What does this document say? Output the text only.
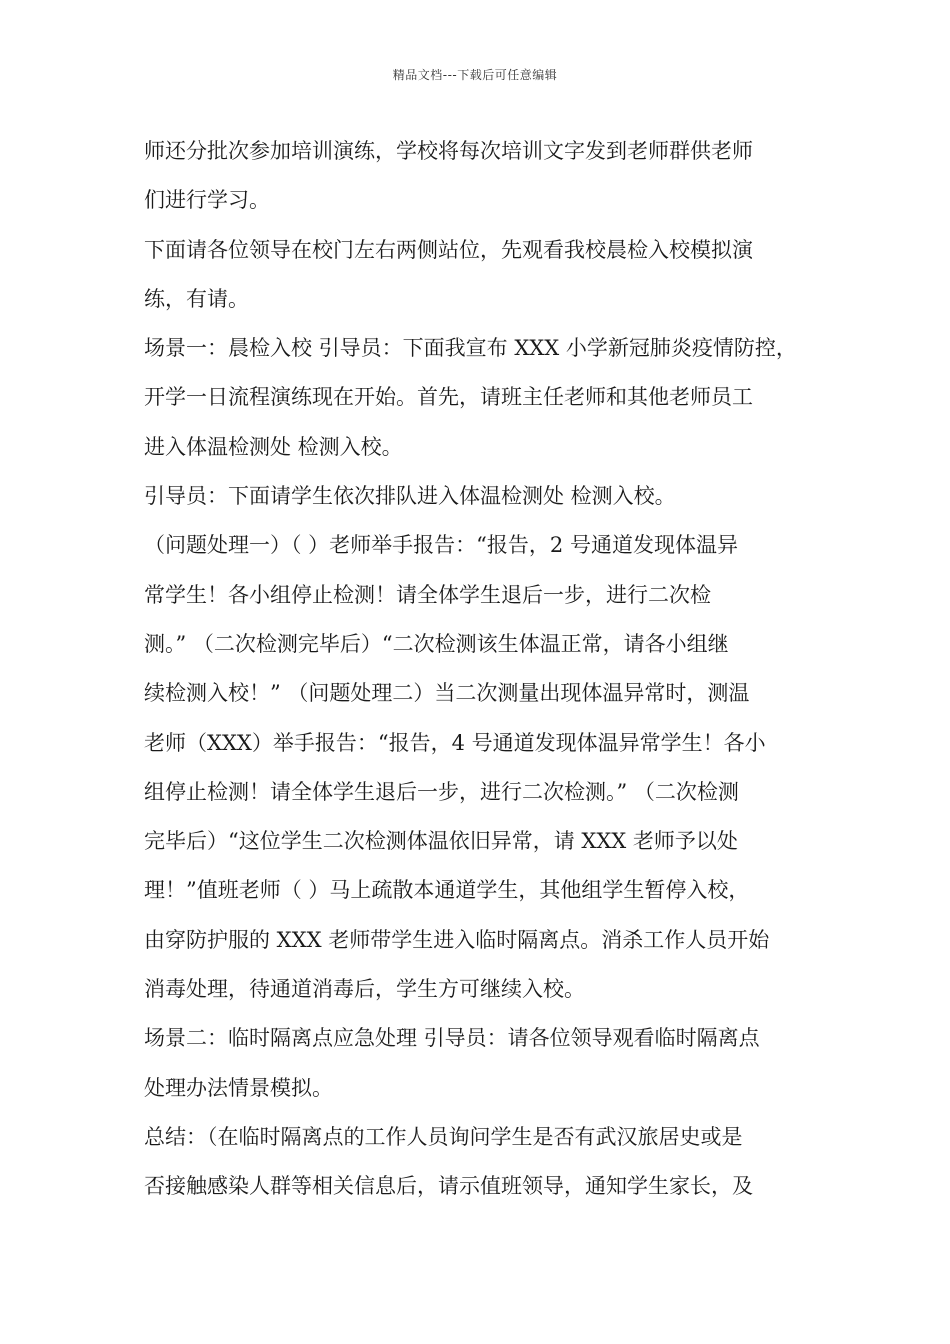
精品文档---下载后可任意编辑
师还分批次参加培训演练，学校将每次培训文字发到老师群供老师
们进行学习。
下面请各位领导在校门左右两侧站位，先观看我校晨检入校模拟演
练，有请。
场景一：晨检入校 引导员：下面我宣布 XXX 小学新冠肺炎疫情防控，
开学一日流程演练现在开始。首先，请班主任老师和其他老师员工
进入体温检测处 检测入校。
引导员：下面请学生依次排队进入体温检测处 检测入校。
（问题处理一）（ ）老师举手报告：“报告，2 号通道发现体温异
常学生！各小组停止检测！请全体学生退后一步，进行二次检
测。” （二次检测完毕后）“二次检测该生体温正常，请各小组继
续检测入校！” （问题处理二）当二次测量出现体温异常时，测温
老师（XXX）举手报告：“报告，4 号通道发现体温异常学生！各小
组停止检测！请全体学生退后一步，进行二次检测。” （二次检测
完毕后）“这位学生二次检测体温依旧异常，请 XXX 老师予以处
理！”值班老师（ ）马上疏散本通道学生，其他组学生暂停入校，
由穿防护服的 XXX 老师带学生进入临时隔离点。消杀工作人员开始
消毒处理，待通道消毒后，学生方可继续入校。
场景二：临时隔离点应急处理 引导员：请各位领导观看临时隔离点
处理办法情景模拟。
总结：（在临时隔离点的工作人员询问学生是否有武汉旅居史或是
否接触感染人群等相关信息后，请示值班领导，通知学生家长，及
